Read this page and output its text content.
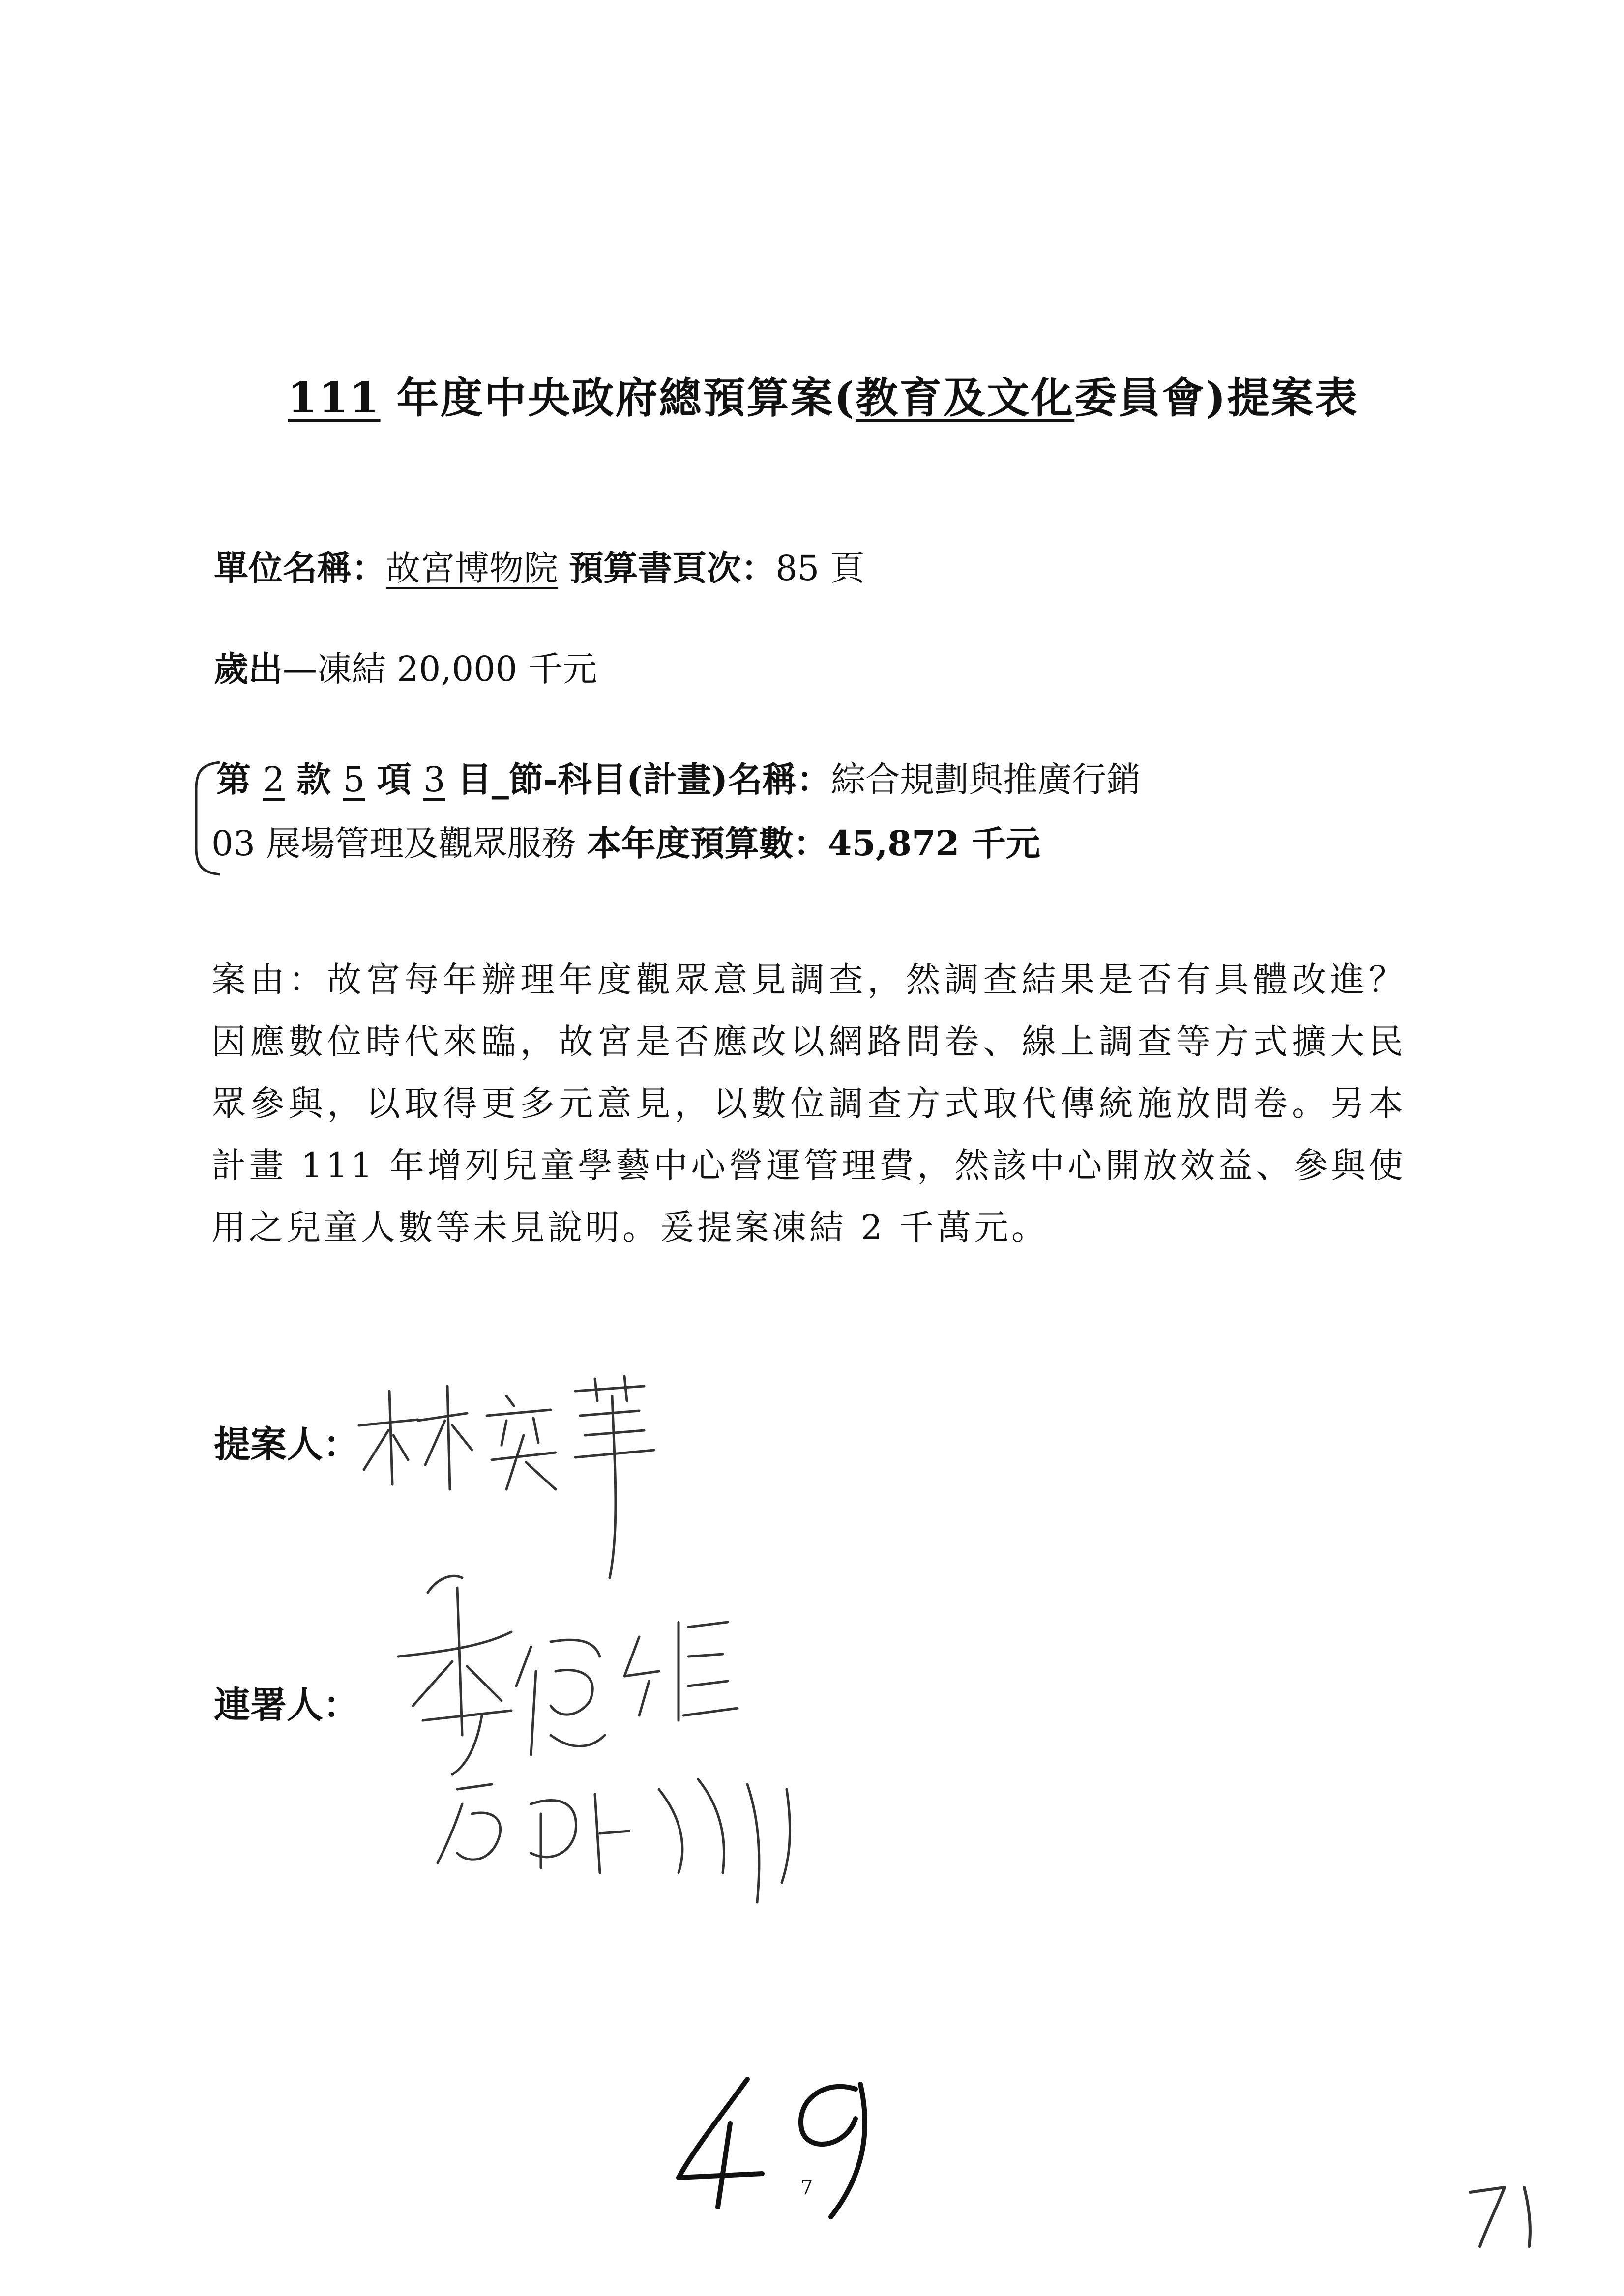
111 年度中央政府總預算案(教育及文化委員會)提案表
單位名稱：故宮博物院 預算書頁次：85 頁
歲出—凍結 20,000 千元
第 2 款 5 項 3 目_節-科目(計畫)名稱：綜合規劃與推廣行銷
03 展場管理及觀眾服務 本年度預算數：45,872 千元
案由：故宮每年辦理年度觀眾意見調查，然調查結果是否有具體改進？因應數位時代來臨，故宮是否應改以網路問卷、線上調查等方式擴大民眾參與，以取得更多元意見，以數位調查方式取代傳統施放問卷。另本計畫 111 年增列兒童學藝中心營運管理費，然該中心開放效益、參與使用之兒童人數等未見說明。爰提案凍結 2 千萬元。
提案人：
連署人：
7
